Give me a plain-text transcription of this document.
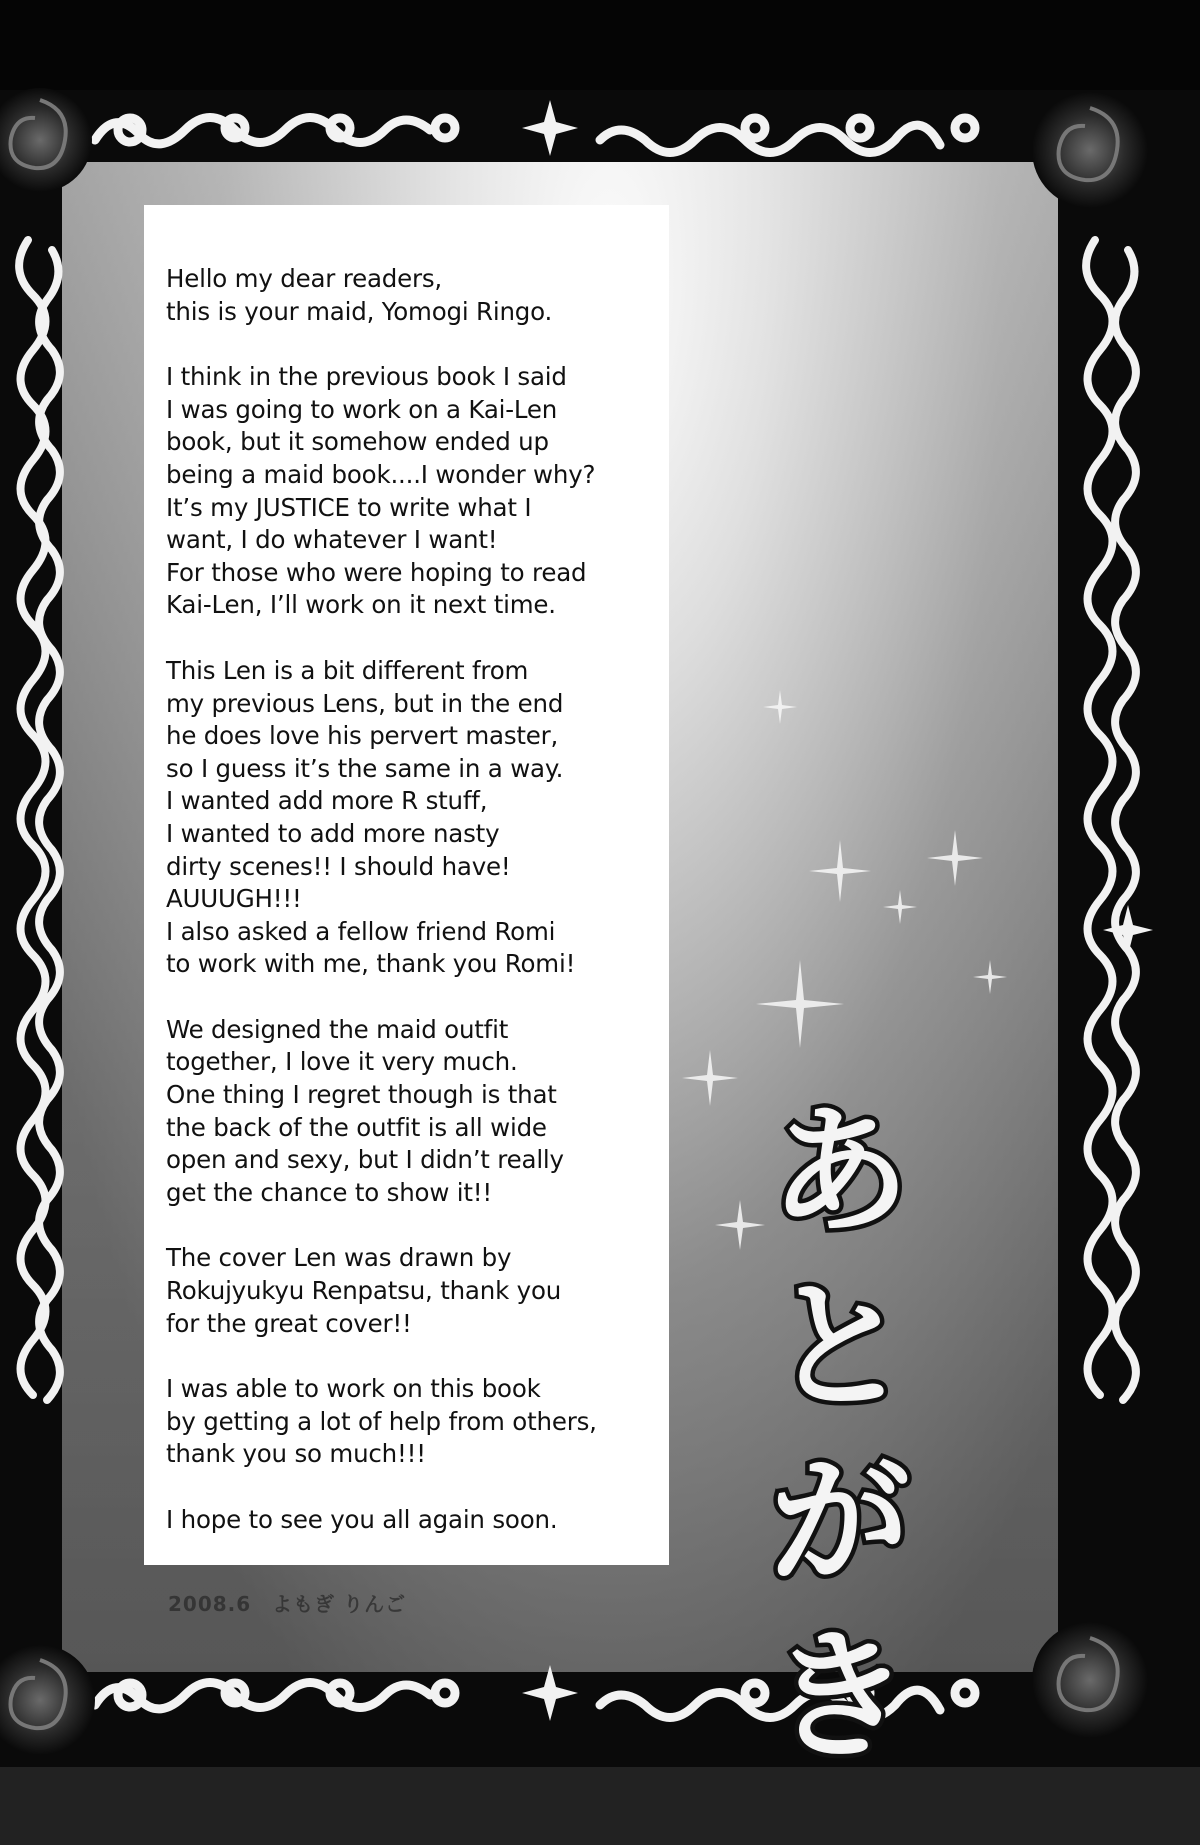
Hello my dear readers,
this is your maid, Yomogi Ringo.

I think in the previous book I said
I was going to work on a Kai-Len
book, but it somehow ended up
being a maid book....I wonder why?
It’s my JUSTICE to write what I
want, I do whatever I want!
For those who were hoping to read
Kai-Len, I’ll work on it next time.

This Len is a bit different from
my previous Lens, but in the end
he does love his pervert master,
so I guess it’s the same in a way.
I wanted add more R stuff,
I wanted to add more nasty
dirty scenes!! I should have!
AUUUGH!!!
I also asked a fellow friend Romi
to work with me, thank you Romi!

We designed the maid outfit
together, I love it very much.
One thing I regret though is that
the back of the outfit is all wide
open and sexy, but I didn’t really
get the chance to show it!!

The cover Len was drawn by
Rokujyukyu Renpatsu, thank you
for the great cover!!

I was able to work on this book
by getting a lot of help from others,
thank you so much!!!

I hope to see you all again soon.

あ
と
が
き
2008.6　よもぎ りんご
